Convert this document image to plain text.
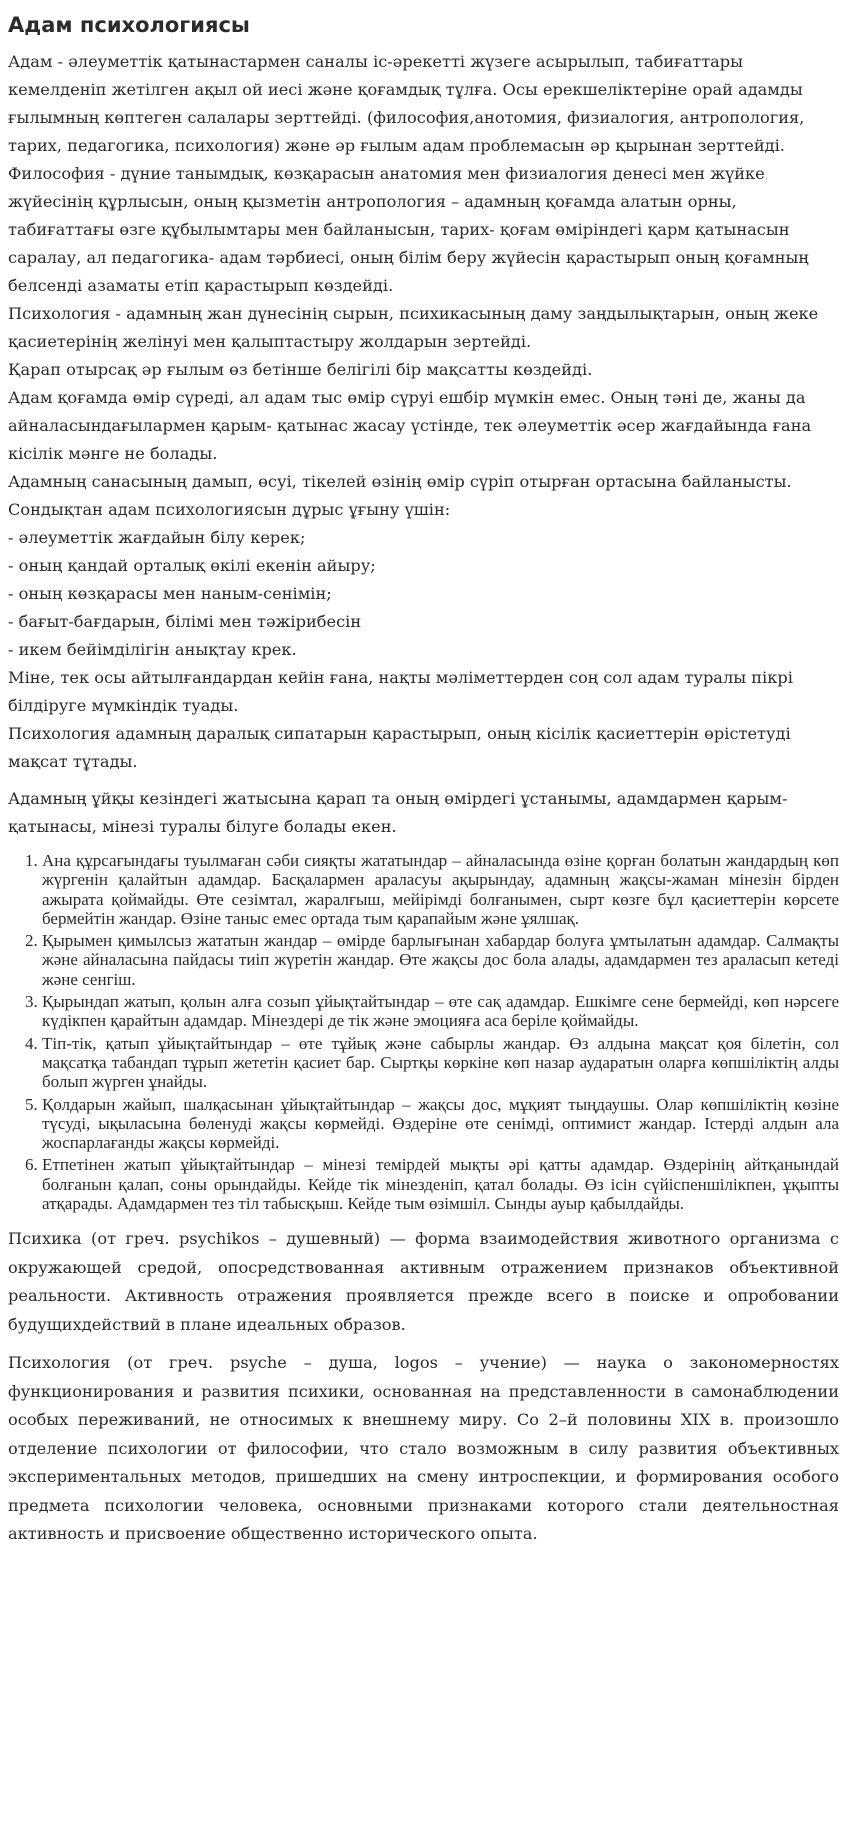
Адам психологиясы

Адам - әлеуметтік қатынастармен саналы іс-әрекетті жүзеге асырылып, табиғаттары кемелденіп жетілген ақыл ой иесі және қоғамдық тұлға. Осы ерекшеліктеріне орай адамды ғылымның көптеген салалары зерттейді. (философия,анотомия, физиалогия, антропология, тарих, педагогика, психология) және әр ғылым адам проблемасын әр қырынан зерттейді.

Философия - дүние танымдық, көзқарасын анатомия мен физиалогия денесі мен жүйке жүйесінің құрлысын, оның қызметін антропология – адамның қоғамда алатын орны, табиғаттағы өзге құбылымтары мен байланысын, тарих- қоғам өміріндегі қарм қатынасын саралау, ал педагогика- адам тәрбиесі, оның білім беру жүйесін қарастырып оның қоғамның белсенді азаматы етіп қарастырып көздейді.

Психология - адамның жан дүнесінің сырын, психикасының даму заңдылықтарын, оның жеке қасиетерінің желінуі мен қалыптастыру жолдарын зертейді.

Қарап отырсақ әр ғылым өз бетінше белігілі бір мақсатты көздейді.

Адам қоғамда өмір сүреді, ал адам тыс өмір сүруі ешбір мүмкін емес. Оның тәні де, жаны да айналасындағылармен қарым- қатынас жасау үстінде, тек әлеуметтік әсер жағдайында ғана кісілік мәнге не болады.

Адамның санасының дамып, өсуі, тікелей өзінің өмір сүріп отырған ортасына байланысты. Сондықтан адам психологиясын дұрыс ұғыну үшін:

- әлеуметтік жағдайын білу керек;

- оның қандай орталық өкілі екенін айыру;

- оның көзқарасы мен наным-сенімін;

- бағыт-бағдарын, білімі мен тәжірибесін

- икем бейімділігін анықтау крек.

Міне, тек осы айтылғандардан кейін ғана, нақты мәліметтерден соң сол адам туралы пікрі білдіруге мүмкіндік туады.

Психология адамның даралық сипатарын қарастырып, оның кісілік қасиеттерін өрістетуді мақсат тұтады.

Адамның ұйқы кезіндегі жатысына қарап та оның өмірдегі ұстанымы, адамдармен қарым-қатынасы, мінезі туралы білуге болады екен.

1. Ана құрсағындағы туылмаған сәби сияқты жататындар – айналасында өзіне қорған болатын жандардың көп жүргенін қалайтын адамдар. Басқалармен араласуы ақырындау, адамның жақсы-жаман мінезін бірден ажырата қоймайды. Өте сезімтал, жаралғыш, мейірімді болғанымен, сырт көзге бұл қасиеттерін көрсете бермейтін жандар. Өзіне таныс емес ортада тым қарапайым және ұялшақ.
2. Қырымен қимылсыз жататын жандар – өмірде барлығынан хабардар болуға ұмтылатын адамдар. Салмақты және айналасына пайдасы тиіп жүретін жандар. Өте жақсы дос бола алады, адамдармен тез араласып кетеді және сенгіш.
3. Қырындап жатып, қолын алға созып ұйықтайтындар – өте сақ адамдар. Ешкімге сене бермейді, көп нәрсеге күдікпен қарайтын адамдар. Мінездері де тік және эмоцияға аса беріле қоймайды.
4. Тіп-тік, қатып ұйықтайтындар – өте тұйық және сабырлы жандар. Өз алдына мақсат қоя білетін, сол мақсатқа табандап тұрып жететін қасиет бар. Сыртқы көркіне көп назар аударатын оларға көпшіліктің алды болып жүрген ұнайды.
5. Қолдарын жайып, шалқасынан ұйықтайтындар – жақсы дос, мұқият тыңдаушы. Олар көпшіліктің көзіне түсуді, ықыласына бөленуді жақсы көрмейді. Өздеріне өте сенімді, оптимист жандар. Істерді алдын ала жоспарлағанды жақсы көрмейді.
6. Етпетінен жатып ұйықтайтындар – мінезі темірдей мықты әрі қатты адамдар. Өздерінің айтқанындай болғанын қалап, соны орындайды. Кейде тік мінезденіп, қатал болады. Өз ісін сүйіспеншілікпен, ұқыпты атқарады. Адамдармен тез тіл табысқыш. Кейде тым өзімшіл. Сынды ауыр қабылдайды.

Психика (от греч. psychikos – душевный) — форма взаимодействия животного организма с окружающей средой, опосредствованная активным отражением признаков объективной реальности. Активность отражения проявляется прежде всего в поиске и опробовании будущихдействий в плане идеальных образов.

Психология (от греч. psyche – душа, logos – учение) — наука о закономерностях функционирования и развития психики, основанная на представленности в самонаблюдении особых переживаний, не относимых к внешнему миру. Со 2–й половины XIX в. произошло отделение психологии от философии, что стало возможным в силу развития объективных экспериментальных методов, пришедших на смену интроспекции, и формирования особого предмета психологии человека, основными признаками которого стали деятельностная активность и присвоение общественно исторического опыта.
